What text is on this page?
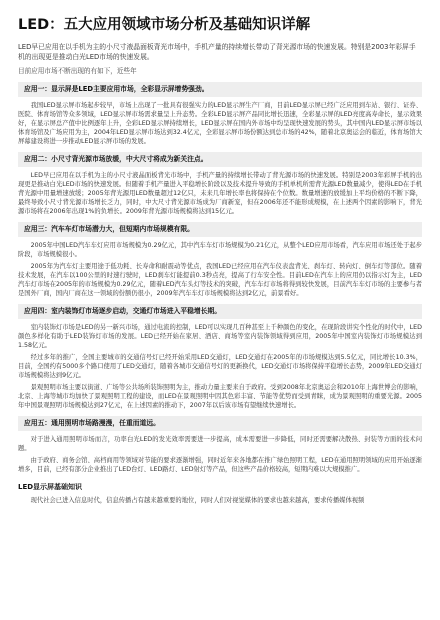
LED：五大应用领域市场分析及基础知识详解

LED早已应用在以手机为主的小尺寸液晶面板背光市场中，手机产量的持续增长带动了背光源市场的快速发展。特别是2003年彩屏手机的出现更是推动白光LED市场的快速发展。

目前应用市场不断出现的有如下，近些年

应用一：显示屏是LED主要应用市场，全彩显示屏增势强劲。

我国LED显示屏市场起步较早，市场上出现了一批具有很强实力的LED显示屏生产厂商，目前LED显示屏已经广泛应用到车站、银行、证券、医院、体育场馆等众多领域，LED显示屏市场需求量呈上升态势。全彩LED显示屏产品同比增长迅速，全彩显示屏的LED亮度高寿命长，显示效果好，在显示屏总产值中比例逐年上升，全彩LED显示屏持续增长，LED显示屏在国内外市场中均呈现快速发展的势头，其中国内LED显示屏市场以体育场馆及广场应用为主，2004年LED显示屏市场达到32.4亿元，全彩显示屏市场份额达到总市场的42%，随着北京奥运会的临近，体育场馆大屏幕建设将进一步推动LED显示屏市场的发展。

应用二：小尺寸背光源市场放缓，中大尺寸将成为新关注点。

LED早已应用在以手机为主的小尺寸液晶面板背光市场中，手机产量的持续增长带动了背光源市场的快速发展。特别是2003年彩屏手机的出现更是推动白光LED市场的快速发展。但随着手机产量进入平稳增长阶段以及技术提升导致的手机单机所需背光源LED数量减少，使得LED在手机背光源中用量增速放缓；2005年背光源用LED数量超过12亿只，未来几年增长率也将保持在个位数。数量增速的放缓加上平均价格的不断下降，最终导致小尺寸背光源市场增长乏力，同时，中大尺寸背光源市场成为厂商新宠，但在2006年还不能形成规模，在上述两个因素的影响下，背光源市场将在2006年出现1%的负增长。2009年背光源市场规模将达到15亿元。

应用三：汽车车灯市场潜力大，但短期内市场规模有限。

2005年中国LED汽车车灯应用市场规模为0.29亿元，其中汽车车灯市场规模为0.21亿元，从整个LED应用市场看，汽车应用市场还处于起步阶段，市场规模很小。

2005年为汽车灯主要用途于低功耗、长寿命和耐震动等优点，我国LED已经应用在汽车仪表盘背光、刹车灯、转向灯、倒车灯等部位。随着技术发展，在汽车以100公里的时速行驶时，LED刹车灯能提前0.3秒点亮，提高了行车安全性。目前LED在汽车上的应用仍以指示灯为主，LED汽车灯市场在2005年的市场规模为0.29亿元，随着LED汽车头灯等技术的突破，汽车车灯市场将得到较快发展，目前汽车车灯市场的主要参与者是国外厂商，国内厂商在这一领域的份额仍很小，2009年汽车车灯市场规模将达到2亿元，前景看好。

应用四：室内装饰灯市场逐步启动，交通灯市场进入平稳增长期。

室内装饰灯市场是LED的另一新兴市场，通过电流的控制，LED可以实现几百种甚至上千种颜色的变化，在现阶段讲究个性化的时代中，LED颜色多样化有助于LED装饰灯市场的发展。LED已经开始在家居、酒店、商场等室内装饰领域得到应用，2005年中国室内装饰灯市场规模达到1.58亿元。

经过多年的推广，全国主要城市的交通信号灯已经开始采用LED交通灯，LED交通灯在2005年的市场规模达到5.5亿元，同比增长10.3%，目前，全国约有5000多个路口使用了LED交通灯，随着各城市交通信号灯的更新换代，LED交通灯市场将保持平稳增长态势，2009年LED交通灯市场规模将达到9亿元。

景观照明市场主要以街道、广场等公共场所装饰照明为主，推动力量主要来自于政府。受到2008年北京奥运会和2010年上海世博会的影响，北京、上海等城市均加快了景观照明工程的建设，而LED在景观照明中因其色彩丰富、节能等优势而受到青睐，成为景观照明的重要光源。2005年中国景观照明市场规模达到27亿元，在上述因素的推动下，2007年以后该市场有望继续快速增长。

应用五：通用照明市场路漫漫，任重而道远。

对于进入通用照明市场而言，功率白光LED的发光效率需要进一步提高，成本需要进一步降低，同时还需要解决散热、封装等方面的技术问题。

由于政府、商务会馆、高档商用等领域对节能的要求逐渐增强，同时近年来各地都在推广绿色照明工程，LED在通用照明领域的应用开始逐渐增多，目前，已经有部分企业推出了LED台灯、LED路灯、LED射灯等产品，但这些产品价格较高，短期内难以大规模推广。

LED显示屏基础知识

现代社会已进入信息时代，信息传播占有越来越重要的地位，同时人们对视觉媒体的要求也越来越高，要求传播媒体视频
